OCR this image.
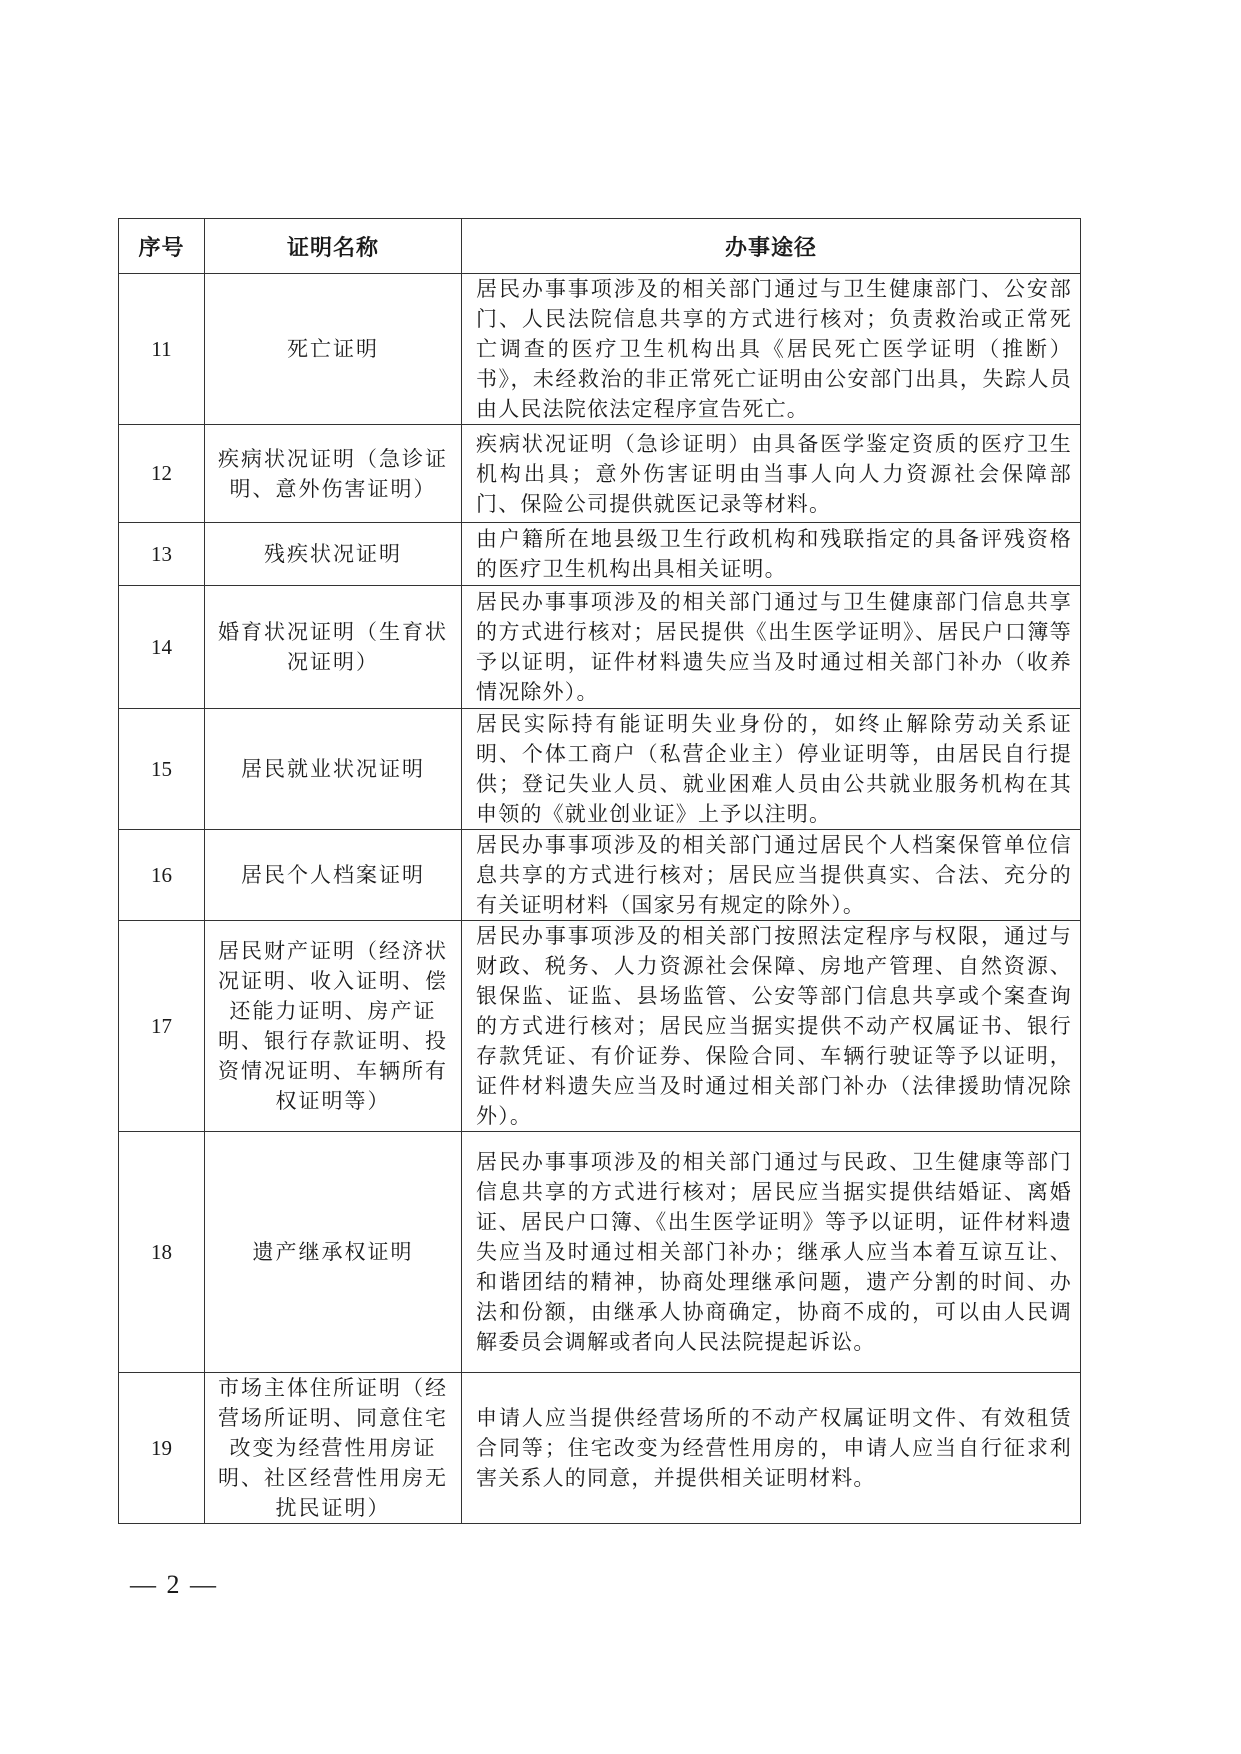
序号	证明名称	办事途径
11	死亡证明	居民办事事项涉及的相关部门通过与卫生健康部门、公安部门、人民法院信息共享的方式进行核对；负责救治或正常死亡调查的医疗卫生机构出具《居民死亡医学证明（推断）书》，未经救治的非正常死亡证明由公安部门出具，失踪人员由人民法院依法定程序宣告死亡。
12	疾病状况证明（急诊证明、意外伤害证明）	疾病状况证明（急诊证明）由具备医学鉴定资质的医疗卫生机构出具；意外伤害证明由当事人向人力资源社会保障部门、保险公司提供就医记录等材料。
13	残疾状况证明	由户籍所在地县级卫生行政机构和残联指定的具备评残资格的医疗卫生机构出具相关证明。
14	婚育状况证明（生育状况证明）	居民办事事项涉及的相关部门通过与卫生健康部门信息共享的方式进行核对；居民提供《出生医学证明》、居民户口簿等予以证明，证件材料遗失应当及时通过相关部门补办（收养情况除外）。
15	居民就业状况证明	居民实际持有能证明失业身份的，如终止解除劳动关系证明、个体工商户（私营企业主）停业证明等，由居民自行提供；登记失业人员、就业困难人员由公共就业服务机构在其申领的《就业创业证》上予以注明。
16	居民个人档案证明	居民办事事项涉及的相关部门通过居民个人档案保管单位信息共享的方式进行核对；居民应当提供真实、合法、充分的有关证明材料（国家另有规定的除外）。
17	居民财产证明（经济状况证明、收入证明、偿还能力证明、房产证明、银行存款证明、投资情况证明、车辆所有权证明等）	居民办事事项涉及的相关部门按照法定程序与权限，通过与财政、税务、人力资源社会保障、房地产管理、自然资源、银保监、证监、县场监管、公安等部门信息共享或个案查询的方式进行核对；居民应当据实提供不动产权属证书、银行存款凭证、有价证券、保险合同、车辆行驶证等予以证明，证件材料遗失应当及时通过相关部门补办（法律援助情况除外）。
18	遗产继承权证明	居民办事事项涉及的相关部门通过与民政、卫生健康等部门信息共享的方式进行核对；居民应当据实提供结婚证、离婚证、居民户口簿、《出生医学证明》等予以证明，证件材料遗失应当及时通过相关部门补办；继承人应当本着互谅互让、和谐团结的精神，协商处理继承问题，遗产分割的时间、办法和份额，由继承人协商确定，协商不成的，可以由人民调解委员会调解或者向人民法院提起诉讼。
19	市场主体住所证明（经营场所证明、同意住宅改变为经营性用房证明、社区经营性用房无扰民证明）	申请人应当提供经营场所的不动产权属证明文件、有效租赁合同等；住宅改变为经营性用房的，申请人应当自行征求利害关系人的同意，并提供相关证明材料。
— 2 —
